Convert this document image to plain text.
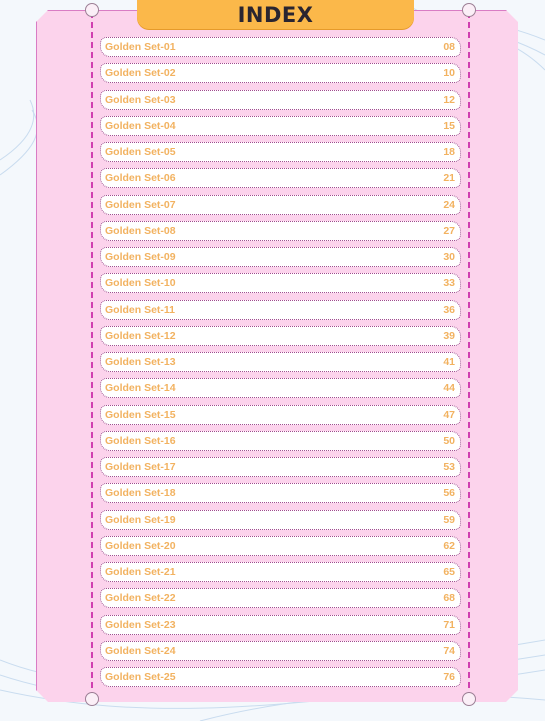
INDEX
Golden Set-01	08
Golden Set-02	10
Golden Set-03	12
Golden Set-04	15
Golden Set-05	18
Golden Set-06	21
Golden Set-07	24
Golden Set-08	27
Golden Set-09	30
Golden Set-10	33
Golden Set-11	36
Golden Set-12	39
Golden Set-13	41
Golden Set-14	44
Golden Set-15	47
Golden Set-16	50
Golden Set-17	53
Golden Set-18	56
Golden Set-19	59
Golden Set-20	62
Golden Set-21	65
Golden Set-22	68
Golden Set-23	71
Golden Set-24	74
Golden Set-25	76
